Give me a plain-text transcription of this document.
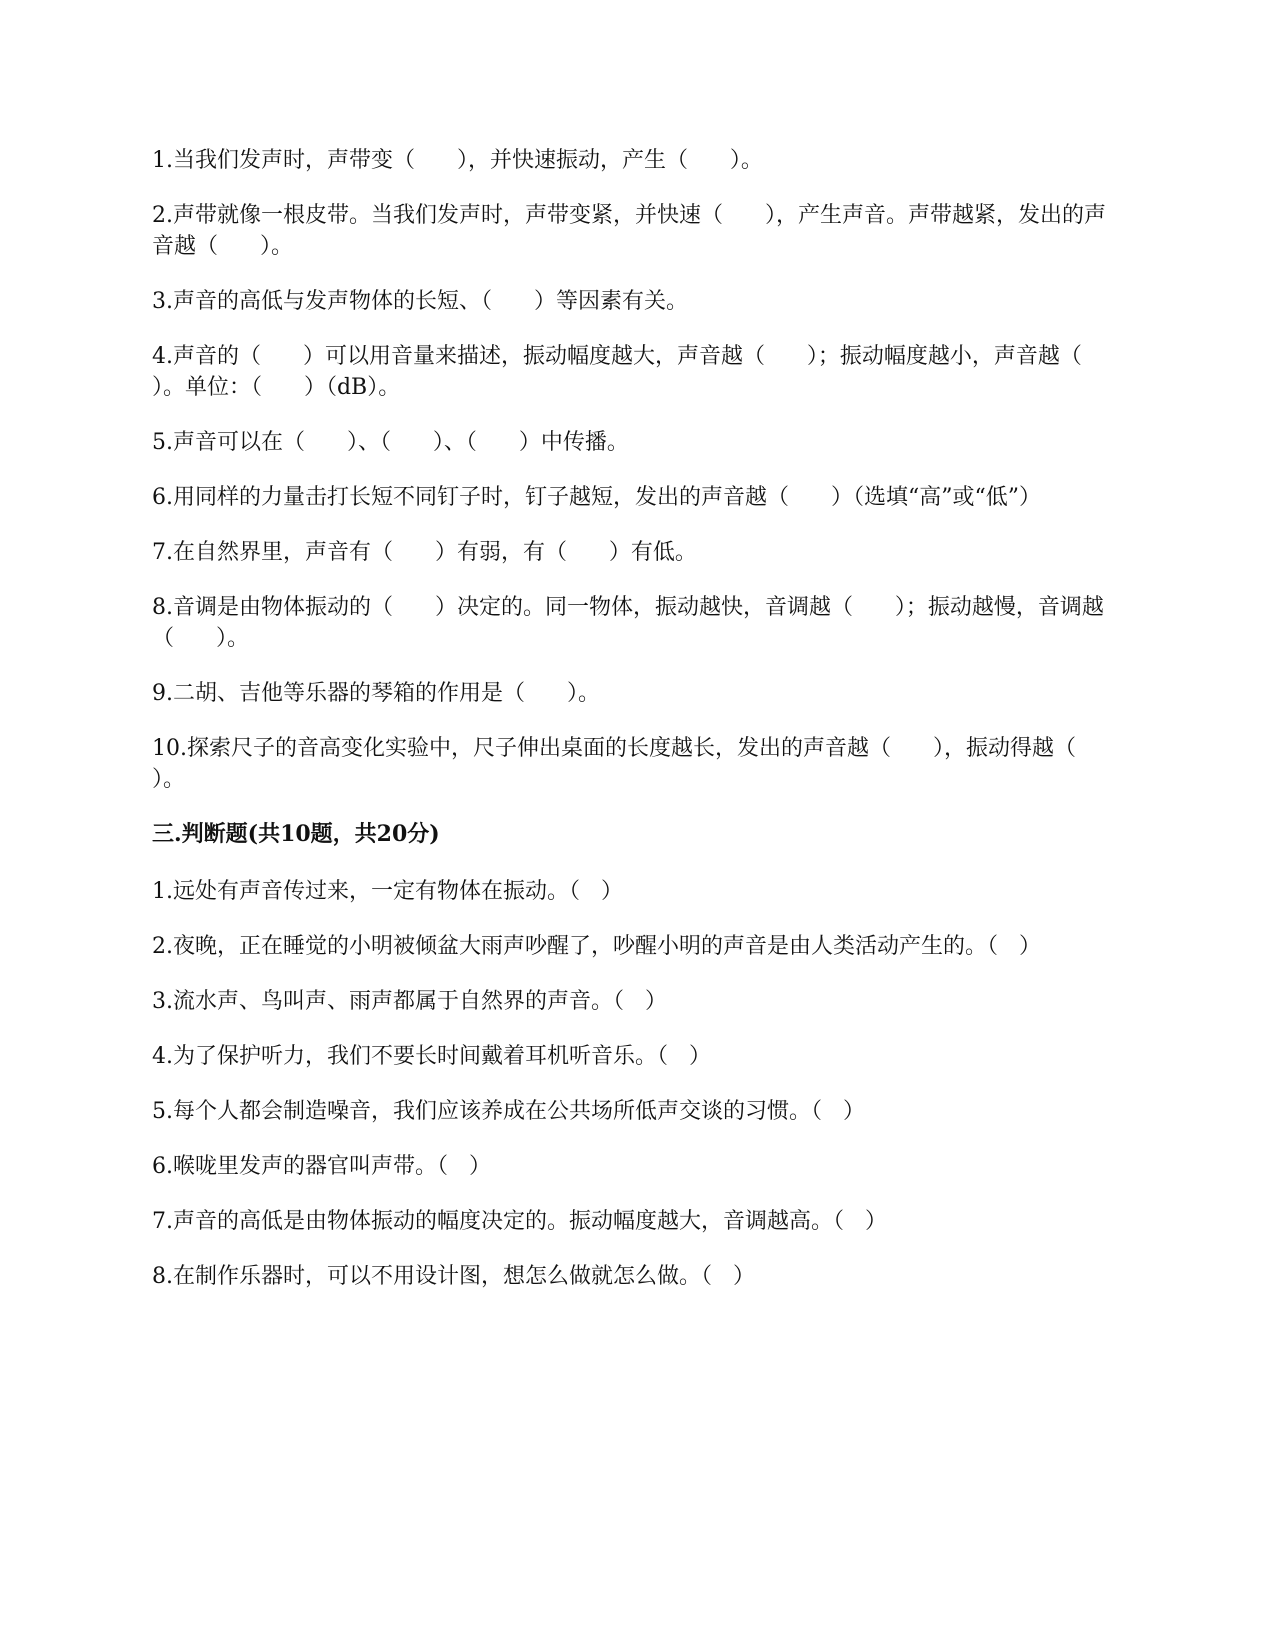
1.当我们发声时，声带变（      ），并快速振动，产生（      ）。
2.声带就像一根皮带。当我们发声时，声带变紧，并快速（      ），产生声音。声带越紧，发出的声音越（      ）。
3.声音的高低与发声物体的长短、（      ）等因素有关。
4.声音的（      ）可以用音量来描述，振动幅度越大，声音越（      ）；振动幅度越小，声音越（      ）。单位：（      ）（dB）。
5.声音可以在（      ）、（      ）、（      ）中传播。
6.用同样的力量击打长短不同钉子时，钉子越短，发出的声音越（      ）（选填“高”或“低”）
7.在自然界里，声音有（      ）有弱，有（      ）有低。
8.音调是由物体振动的（      ）决定的。同一物体，振动越快，音调越（      ）；振动越慢，音调越（      ）。
9.二胡、吉他等乐器的琴箱的作用是（      ）。
10.探索尺子的音高变化实验中，尺子伸出桌面的长度越长，发出的声音越（      ），振动得越（      ）。
三.判断题(共10题，共20分)
1.远处有声音传过来，一定有物体在振动。（   ）
2.夜晚，正在睡觉的小明被倾盆大雨声吵醒了，吵醒小明的声音是由人类活动产生的。（   ）
3.流水声、鸟叫声、雨声都属于自然界的声音。（   ）
4.为了保护听力，我们不要长时间戴着耳机听音乐。（   ）
5.每个人都会制造噪音，我们应该养成在公共场所低声交谈的习惯。（   ）
6.喉咙里发声的器官叫声带。（   ）
7.声音的高低是由物体振动的幅度决定的。振动幅度越大，音调越高。（   ）
8.在制作乐器时，可以不用设计图，想怎么做就怎么做。（   ）
